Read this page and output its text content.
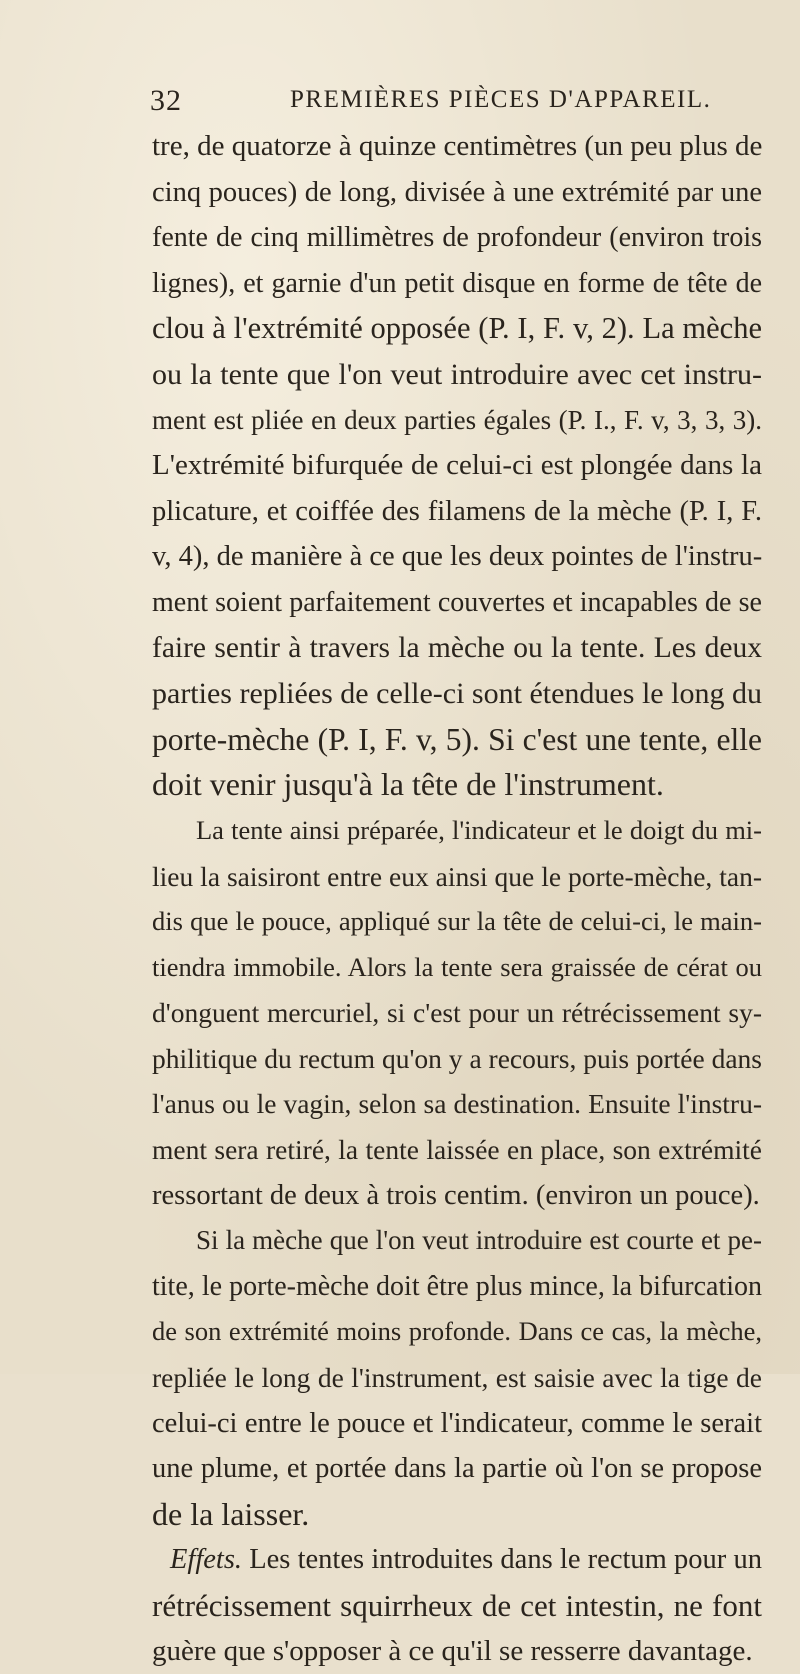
32	PREMIÈRES PIÈCES D'APPAREIL.
tre, de quatorze à quinze centimètres (un peu plus de
cinq pouces) de long, divisée à une extrémité par une
fente de cinq millimètres de profondeur (environ trois
lignes), et garnie d'un petit disque en forme de tête de
clou à l'extrémité opposée (P. I, F. v, 2). La mèche
ou la tente que l'on veut introduire avec cet instru-
ment est pliée en deux parties égales (P. I., F. v, 3, 3, 3).
L'extrémité bifurquée de celui-ci est plongée dans la
plicature, et coiffée des filamens de la mèche (P. I, F.
v, 4), de manière à ce que les deux pointes de l'instru-
ment soient parfaitement couvertes et incapables de se
faire sentir à travers la mèche ou la tente. Les deux
parties repliées de celle-ci sont étendues le long du
porte-mèche (P. I, F. v, 5). Si c'est une tente, elle
doit venir jusqu'à la tête de l'instrument.
La tente ainsi préparée, l'indicateur et le doigt du mi-
lieu la saisiront entre eux ainsi que le porte-mèche, tan-
dis que le pouce, appliqué sur la tête de celui-ci, le main-
tiendra immobile. Alors la tente sera graissée de cérat ou
d'onguent mercuriel, si c'est pour un rétrécissement sy-
philitique du rectum qu'on y a recours, puis portée dans
l'anus ou le vagin, selon sa destination. Ensuite l'instru-
ment sera retiré, la tente laissée en place, son extrémité
ressortant de deux à trois centim. (environ un pouce).
Si la mèche que l'on veut introduire est courte et pe-
tite, le porte-mèche doit être plus mince, la bifurcation
de son extrémité moins profonde. Dans ce cas, la mèche,
repliée le long de l'instrument, est saisie avec la tige de
celui-ci entre le pouce et l'indicateur, comme le serait
une plume, et portée dans la partie où l'on se propose
de la laisser.
Effets. Les tentes introduites dans le rectum pour un
rétrécissement squirrheux de cet intestin, ne font
guère que s'opposer à ce qu'il se resserre davantage.
